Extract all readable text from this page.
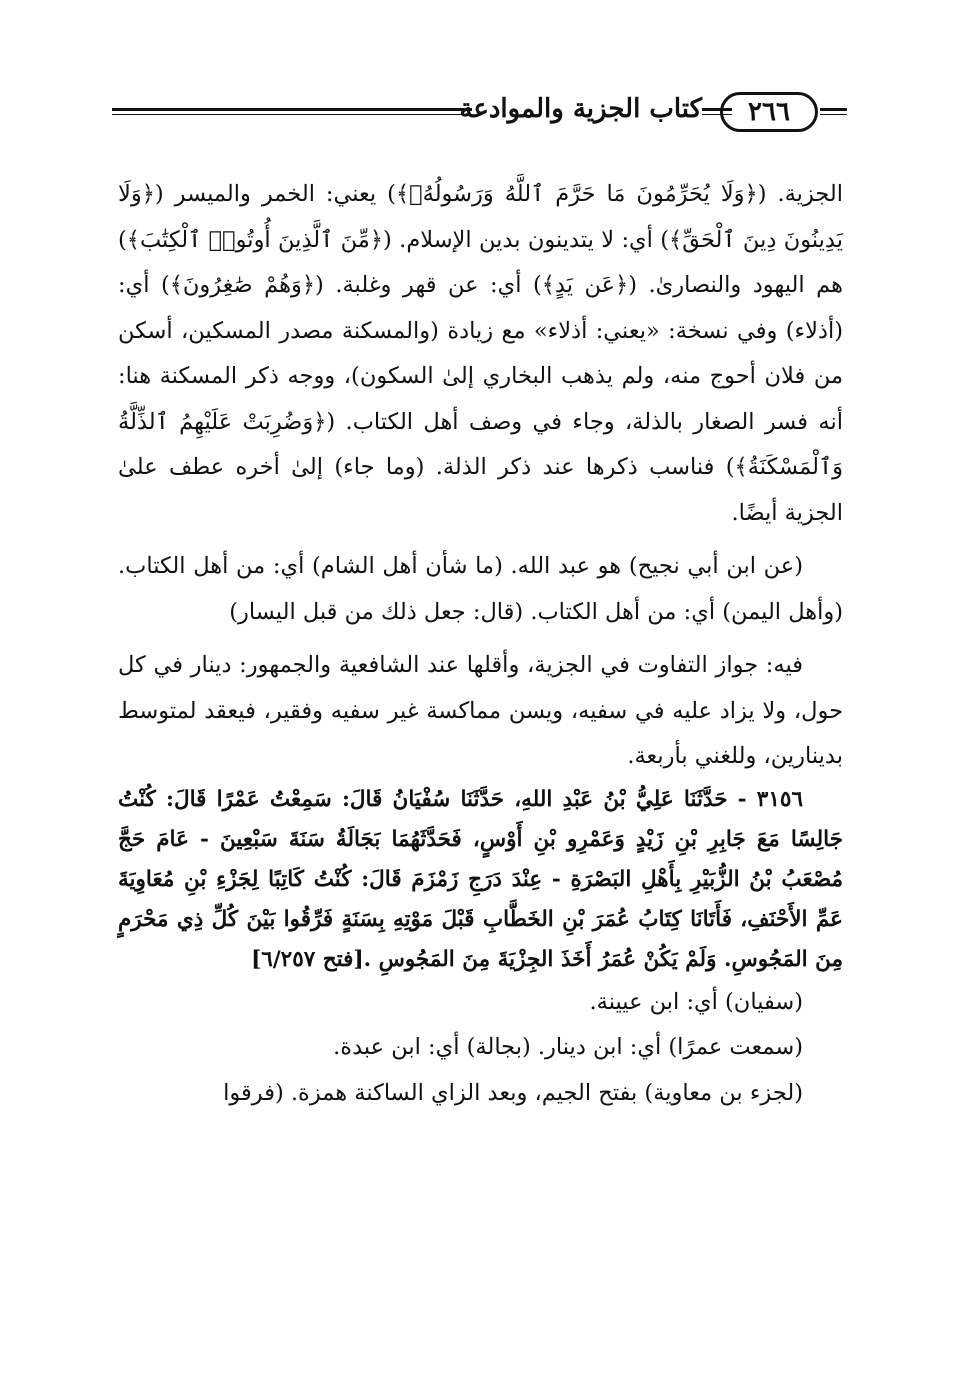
كتاب الجزية والموادعة	٢٦٦

الجزية. (﴿وَلَا يُحَرِّمُونَ مَا حَرَّمَ ٱللَّهُ وَرَسُولُهُۥ﴾) يعني: الخمر والميسر (﴿وَلَا يَدِينُونَ دِينَ ٱلْحَقِّ﴾) أي: لا يتدينون بدين الإسلام. (﴿مِّنَ ٱلَّذِينَ أُوتُوا۟ ٱلْكِتَٰبَ﴾) هم اليهود والنصارىٰ. (﴿عَن يَدٍ﴾) أي: عن قهر وغلبة. (﴿وَهُمْ صَٰغِرُونَ﴾) أي: (أذلاء) وفي نسخة: «يعني: أذلاء» مع زيادة (والمسكنة مصدر المسكين، أسكن من فلان أحوج منه، ولم يذهب البخاري إلىٰ السكون)، ووجه ذكر المسكنة هنا: أنه فسر الصغار بالذلة، وجاء في وصف أهل الكتاب. (﴿وَضُرِبَتْ عَلَيْهِمُ ٱلذِّلَّةُ وَٱلْمَسْكَنَةُ﴾) فناسب ذكرها عند ذكر الذلة. (وما جاء) إلىٰ أخره عطف علىٰ الجزية أيضًا.

(عن ابن أبي نجيح) هو عبد الله. (ما شأن أهل الشام) أي: من أهل الكتاب. (وأهل اليمن) أي: من أهل الكتاب. (قال: جعل ذلك من قبل اليسار)

فيه: جواز التفاوت في الجزية، وأقلها عند الشافعية والجمهور: دينار في كل حول، ولا يزاد عليه في سفيه، ويسن مماكسة غير سفيه وفقير، فيعقد لمتوسط بدينارين، وللغني بأربعة.

٣١٥٦ - حَدَّثَنَا عَلِيُّ بْنُ عَبْدِ اللهِ، حَدَّثَنَا سُفْيَانُ قَالَ: سَمِعْتُ عَمْرًا قَالَ: كُنْتُ جَالِسًا مَعَ جَابِرِ بْنِ زَيْدٍ وَعَمْرِو بْنِ أَوْسٍ، فَحَدَّثَهُمَا بَجَالَةُ سَنَةَ سَبْعِينَ - عَامَ حَجَّ مُصْعَبُ بْنُ الزُّبَيْرِ بِأَهْلِ البَصْرَةِ - عِنْدَ دَرَجِ زَمْزَمَ قَالَ: كُنْتُ كَاتِبًا لِجَزْءِ بْنِ مُعَاوِيَةَ عَمِّ الأَحْنَفِ، فَأَتَانَا كِتَابُ عُمَرَ بْنِ الخَطَّابِ قَبْلَ مَوْتِهِ بِسَنَةٍ فَرِّقُوا بَيْنَ كُلِّ ذِي مَحْرَمٍ مِنَ المَجُوسِ. وَلَمْ يَكُنْ عُمَرُ أَخَذَ الجِزْيَةَ مِنَ المَجُوسِ .[فتح ٦/٢٥٧]

(سفيان) أي: ابن عيينة.

(سمعت عمرًا) أي: ابن دينار. (بجالة) أي: ابن عبدة.

(لجزء بن معاوية) بفتح الجيم، وبعد الزاي الساكنة همزة. (فرقوا
